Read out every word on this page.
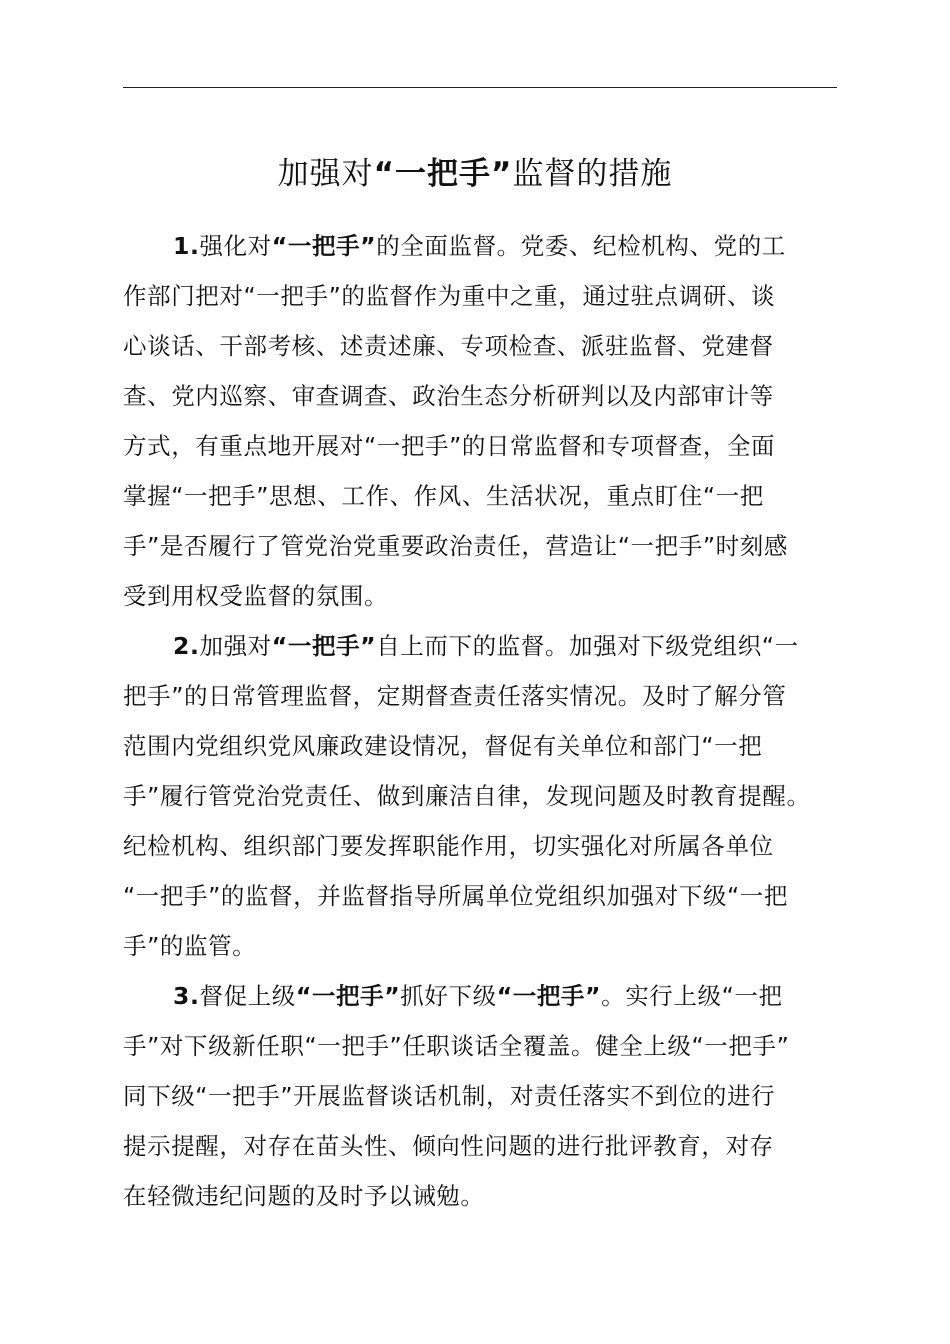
加强对“一把手”监督的措施
1.强化对“一把手”的全面监督。党委、纪检机构、党的工
作部门把对“一把手”的监督作为重中之重，通过驻点调研、谈
心谈话、干部考核、述责述廉、专项检查、派驻监督、党建督
查、党内巡察、审查调查、政治生态分析研判以及内部审计等
方式，有重点地开展对“一把手”的日常监督和专项督查，全面
掌握“一把手”思想、工作、作风、生活状况，重点盯住“一把
手”是否履行了管党治党重要政治责任，营造让“一把手”时刻感
受到用权受监督的氛围。
2.加强对“一把手”自上而下的监督。加强对下级党组织“一
把手”的日常管理监督，定期督查责任落实情况。及时了解分管
范围内党组织党风廉政建设情况，督促有关单位和部门“一把
手”履行管党治党责任、做到廉洁自律，发现问题及时教育提醒。
纪检机构、组织部门要发挥职能作用，切实强化对所属各单位
“一把手”的监督，并监督指导所属单位党组织加强对下级“一把
手”的监管。
3.督促上级“一把手”抓好下级“一把手”。实行上级“一把
手”对下级新任职“一把手”任职谈话全覆盖。健全上级“一把手”
同下级“一把手”开展监督谈话机制，对责任落实不到位的进行
提示提醒，对存在苗头性、倾向性问题的进行批评教育，对存
在轻微违纪问题的及时予以诫勉。
